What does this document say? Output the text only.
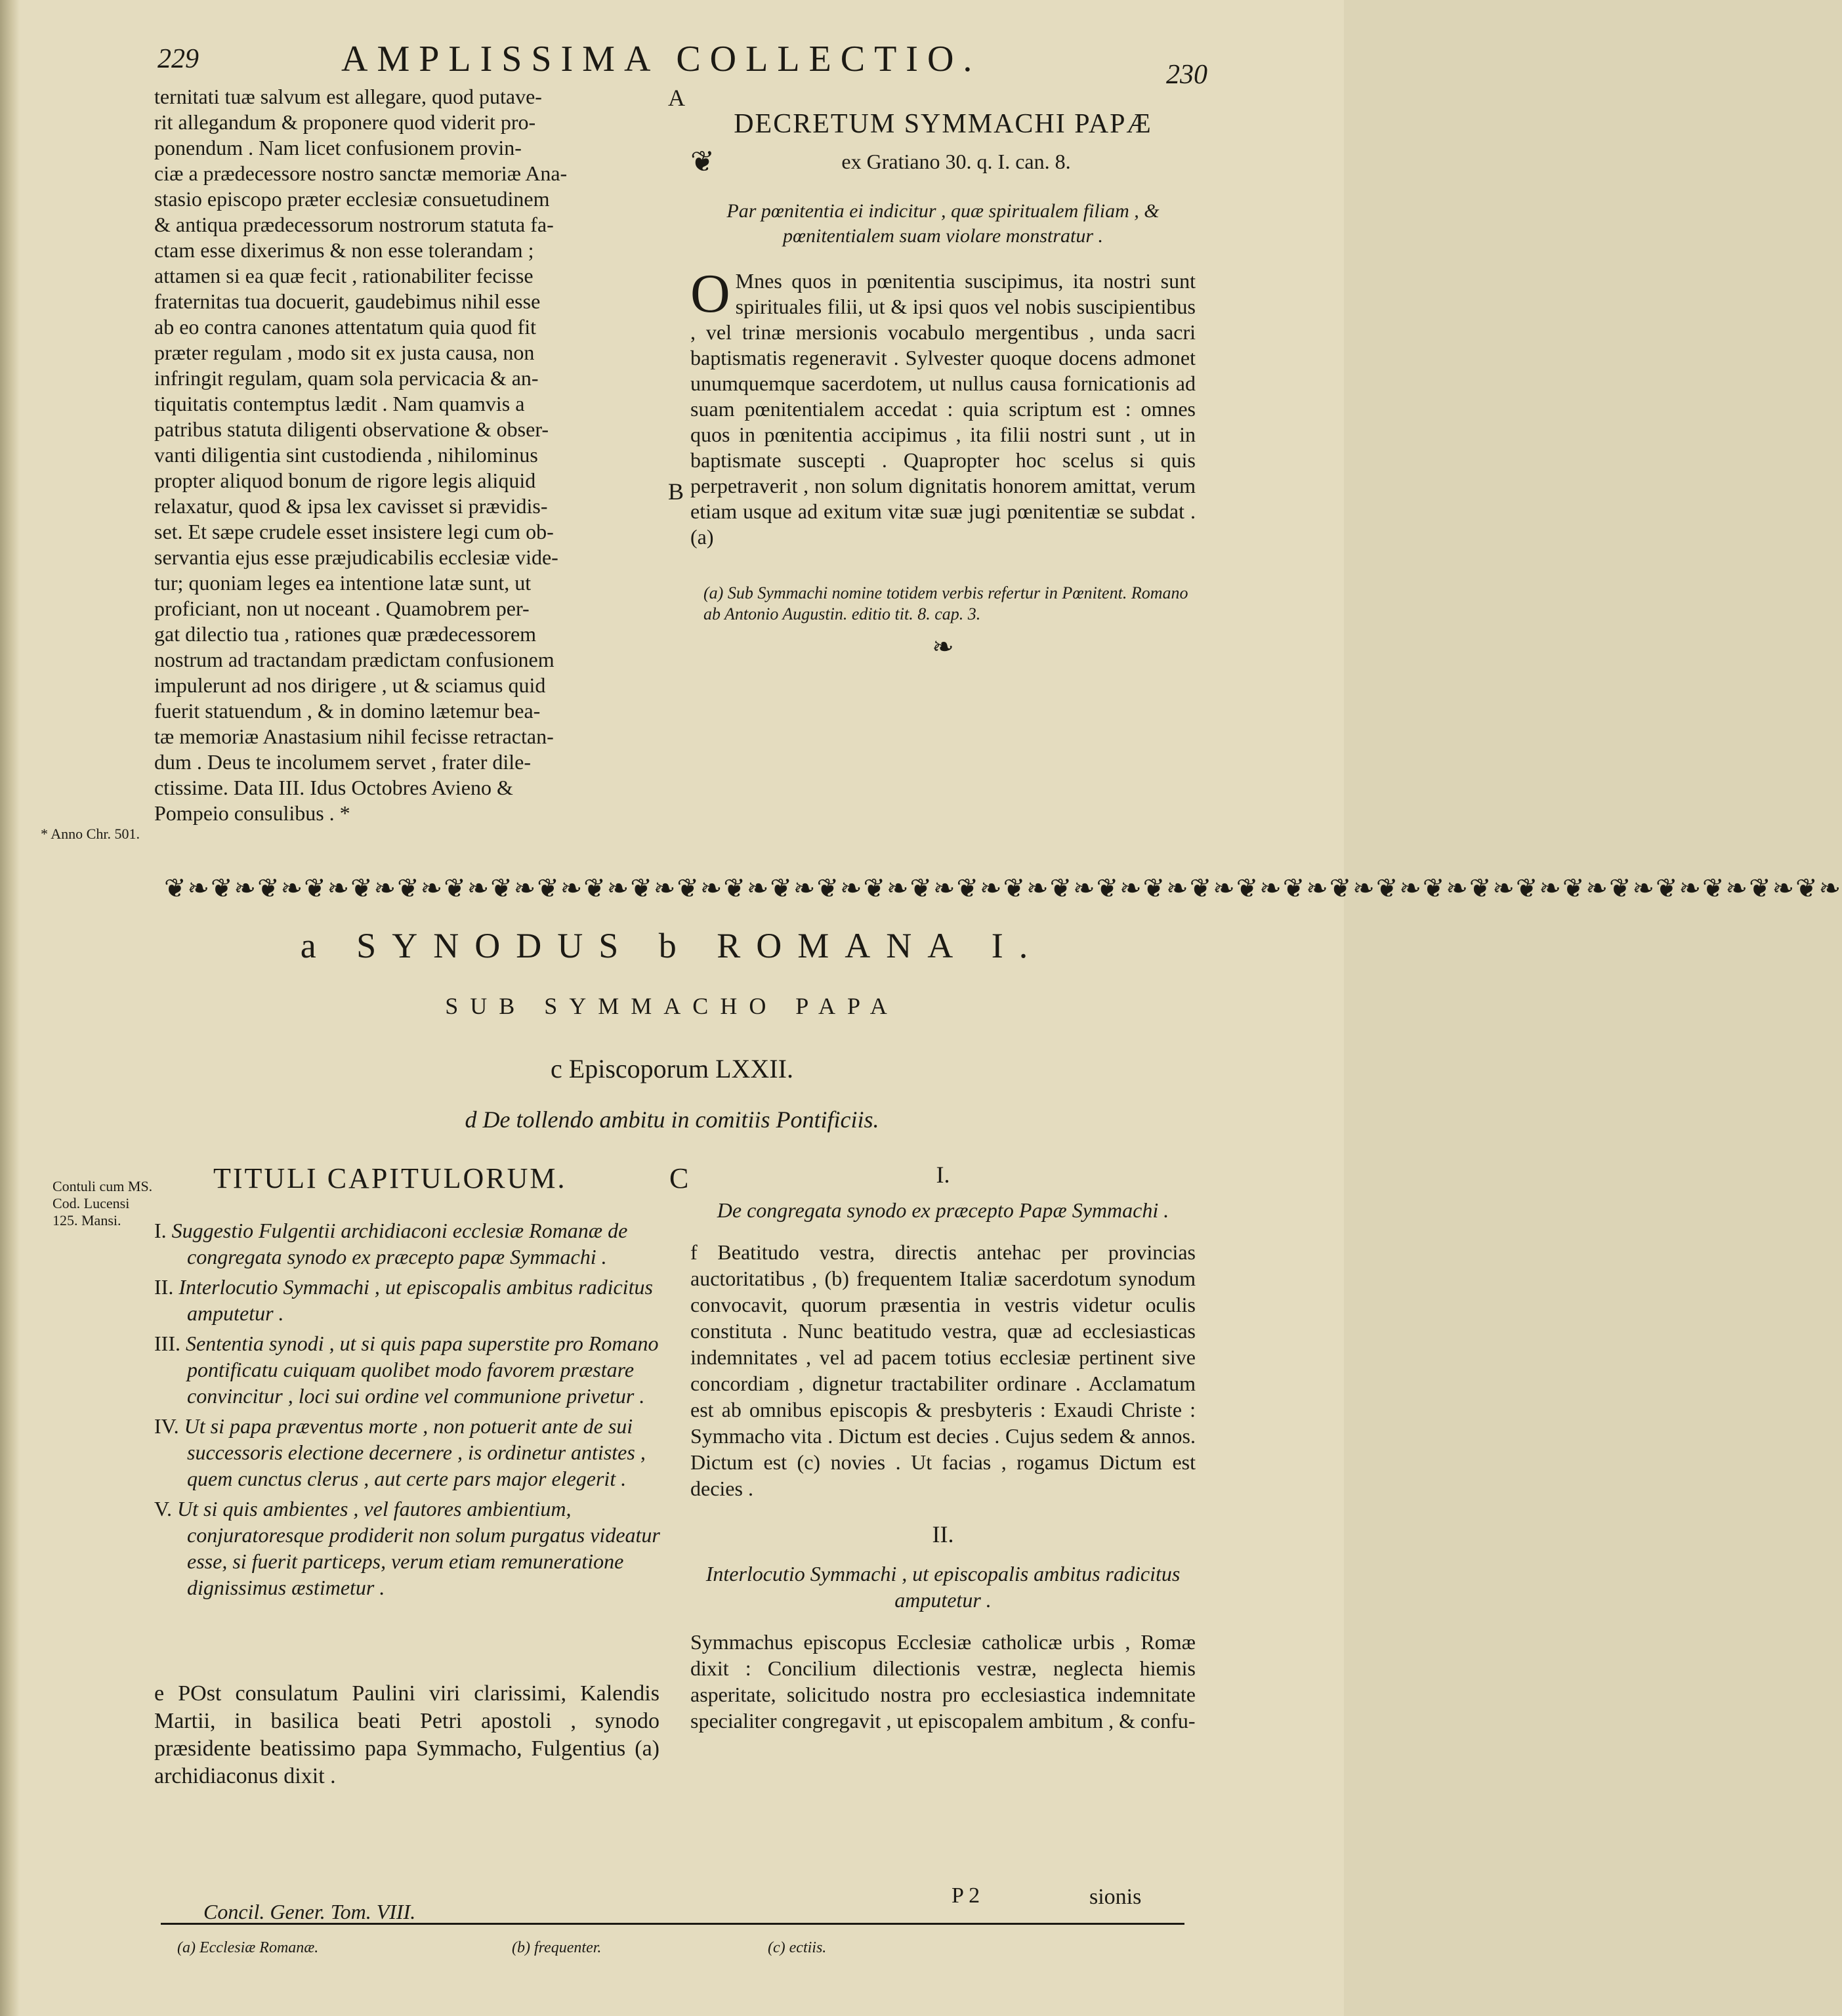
229	AMPLISSIMA COLLECTIO.	230
ternitati tuæ salvum est allegare, quod putave-
rit allegandum & proponere quod viderit pro-
ponendum . Nam licet confusionem provin-
ciæ a prædecessore nostro sanctæ memoriæ Ana-
stasio episcopo præter ecclesiæ consuetudinem
& antiqua prædecessorum nostrorum statuta fa-
ctam esse dixerimus & non esse tolerandam ;
attamen si ea quæ fecit , rationabiliter fecisse
fraternitas tua docuerit, gaudebimus nihil esse
ab eo contra canones attentatum quia quod fit
præter regulam , modo sit ex justa causa, non
infringit regulam, quam sola pervicacia & an-
tiquitatis contemptus lædit . Nam quamvis a
patribus statuta diligenti observatione & obser-
vanti diligentia sint custodienda , nihilominus
propter aliquod bonum de rigore legis aliquid
relaxatur, quod & ipsa lex cavisset si prævidis-
set. Et sæpe crudele esset insistere legi cum ob-
servantia ejus esse præjudicabilis ecclesiæ vide-
tur; quoniam leges ea intentione latæ sunt, ut
proficiant, non ut noceant . Quamobrem per-
gat dilectio tua , rationes quæ prædecessorem
nostrum ad tractandam prædictam confusionem
impulerunt ad nos dirigere , ut & sciamus quid
fuerit statuendum , & in domino lætemur bea-
tæ memoriæ Anastasium nihil fecisse retractan-
dum . Deus te incolumem servet , frater dile-
ctissime. Data III. Idus Octobres Avieno &
Pompeio consulibus . *
A
B
* Anno Chr. 501.
DECRETUM SYMMACHI PAPÆ
❦	ex Gratiano 30. q. I. can. 8.
Par pœnitentia ei indicitur , quæ spiritualem filiam , & pœnitentialem suam violare monstratur .
O Mnes quos in pœnitentia suscipimus, ita nostri sunt spirituales filii, ut & ipsi quos vel nobis suscipientibus , vel trinæ mersionis vocabulo mergentibus , unda sacri baptismatis regeneravit . Sylvester quoque docens admonet unumquemque sacerdotem, ut nullus causa fornicationis ad suam pœnitentialem accedat : quia scriptum est : omnes quos in pœnitentia accipimus , ita filii nostri sunt , ut in baptismate suscepti . Quapropter hoc scelus si quis perpetraverit , non solum dignitatis honorem amittat, verum etiam usque ad exitum vitæ suæ jugi pœnitentiæ se subdat . (a)
(a) Sub Symmachi nomine totidem verbis refertur in Pœnitent. Romano ab Antonio Augustin. editio tit. 8. cap. 3.
❧
❦❧❦❧❦❧❦❧❦❧❦❧❦❧❦❧❦❧❦❧❦❧❦❧❦❧❦❧❦❧❦❧❦❧❦❧❦❧❦❧❦❧❦❧❦❧❦❧❦❧❦❧❦❧❦❧❦❧❦❧❦❧❦❧❦❧❦❧❦❧❦❧
a SYNODUS b ROMANA I.
SUB SYMMACHO PAPA
c Episcoporum LXXII.
d De tollendo ambitu in comitiis Pontificiis.
Contuli cum MS. Cod. Lucensi 125. Mansi.
TITULI CAPITULORUM.	C
I. Suggestio Fulgentii archidiaconi ecclesiæ Romanæ de congregata synodo ex præcepto papæ Symmachi .
II. Interlocutio Symmachi , ut episcopalis ambitus radicitus amputetur .
III. Sententia synodi , ut si quis papa superstite pro Romano pontificatu cuiquam quolibet modo favorem præstare convincitur , loci sui ordine vel communione privetur .
IV. Ut si papa præventus morte , non potuerit ante de sui successoris electione decernere , is ordinetur antistes , quem cunctus clerus , aut certe pars major elegerit .
V. Ut si quis ambientes , vel fautores ambientium, conjuratoresque prodiderit non solum purgatus videatur esse, si fuerit particeps, verum etiam remuneratione dignissimus æstimetur .
e POst consulatum Paulini viri clarissimi, Kalendis Martii, in basilica beati Petri apostoli , synodo præsidente beatissimo papa Symmacho, Fulgentius (a) archidiaconus dixit .
I.
De congregata synodo ex præcepto Papæ Symmachi .

f Beatitudo vestra, directis antehac per provincias auctoritatibus , (b) frequentem Italiæ sacerdotum synodum convocavit, quorum præsentia in vestris videtur oculis constituta . Nunc beatitudo vestra, quæ ad ecclesiasticas indemnitates , vel ad pacem totius ecclesiæ pertinent sive concordiam , dignetur tractabiliter ordinare . Acclamatum est ab omnibus episcopis & presbyteris : Exaudi Christe : Symmacho vita . Dictum est decies . Cujus sedem & annos. Dictum est (c) novies . Ut facias , rogamus Dictum est decies .

II.
Interlocutio Symmachi , ut episcopalis ambitus radicitus amputetur .

Symmachus episcopus Ecclesiæ catholicæ urbis , Romæ dixit : Concilium dilectionis vestræ, neglecta hiemis asperitate, solicitudo nostra pro ecclesiastica indemnitate specialiter congregavit , ut episcopalem ambitum , & confu-

Concil. Gener. Tom. VIII.
P 2	sionis
(a) Ecclesiæ Romanæ.	(b) frequenter.	(c) ectiis.
